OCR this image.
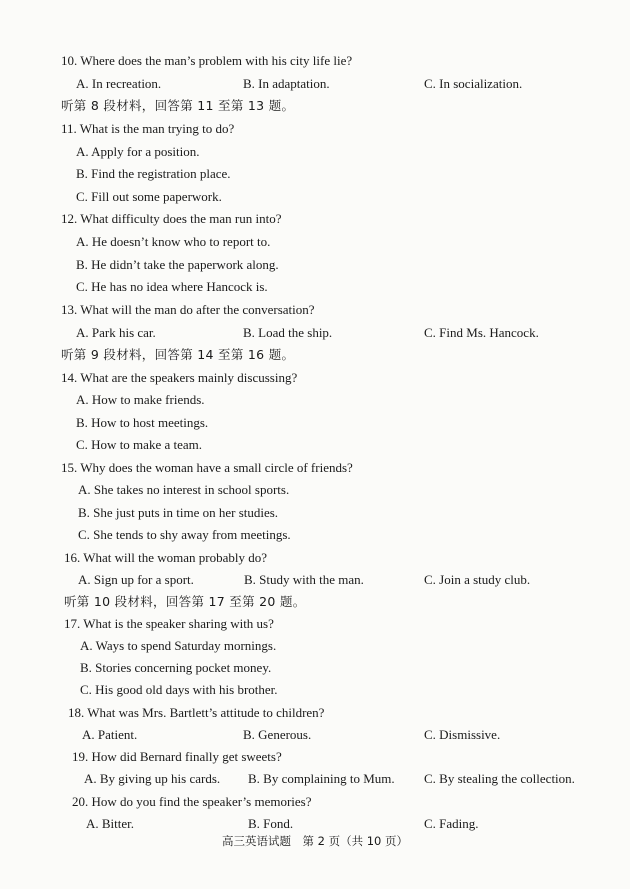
10. Where does the man’s problem with his city life lie?
A. In recreation.	B. In adaptation.	C. In socialization.
听第 8 段材料，回答第 11 至第 13 题。
11. What is the man trying to do?
A. Apply for a position.
B. Find the registration place.
C. Fill out some paperwork.
12. What difficulty does the man run into?
A. He doesn’t know who to report to.
B. He didn’t take the paperwork along.
C. He has no idea where Hancock is.
13. What will the man do after the conversation?
A. Park his car.	B. Load the ship.	C. Find Ms. Hancock.
听第 9 段材料，回答第 14 至第 16 题。
14. What are the speakers mainly discussing?
A. How to make friends.
B. How to host meetings.
C. How to make a team.
15. Why does the woman have a small circle of friends?
A. She takes no interest in school sports.
B. She just puts in time on her studies.
C. She tends to shy away from meetings.
16. What will the woman probably do?
A. Sign up for a sport.	B. Study with the man.	C. Join a study club.
听第 10 段材料，回答第 17 至第 20 题。
17. What is the speaker sharing with us?
A. Ways to spend Saturday mornings.
B. Stories concerning pocket money.
C. His good old days with his brother.
18. What was Mrs. Bartlett’s attitude to children?
A. Patient.	B. Generous.	C. Dismissive.
19. How did Bernard finally get sweets?
A. By giving up his cards. B. By complaining to Mum. C. By stealing the collection.
20. How do you find the speaker’s memories?
A. Bitter.	B. Fond.	C. Fading.
高三英语试题　第 2 页（共 10 页）
